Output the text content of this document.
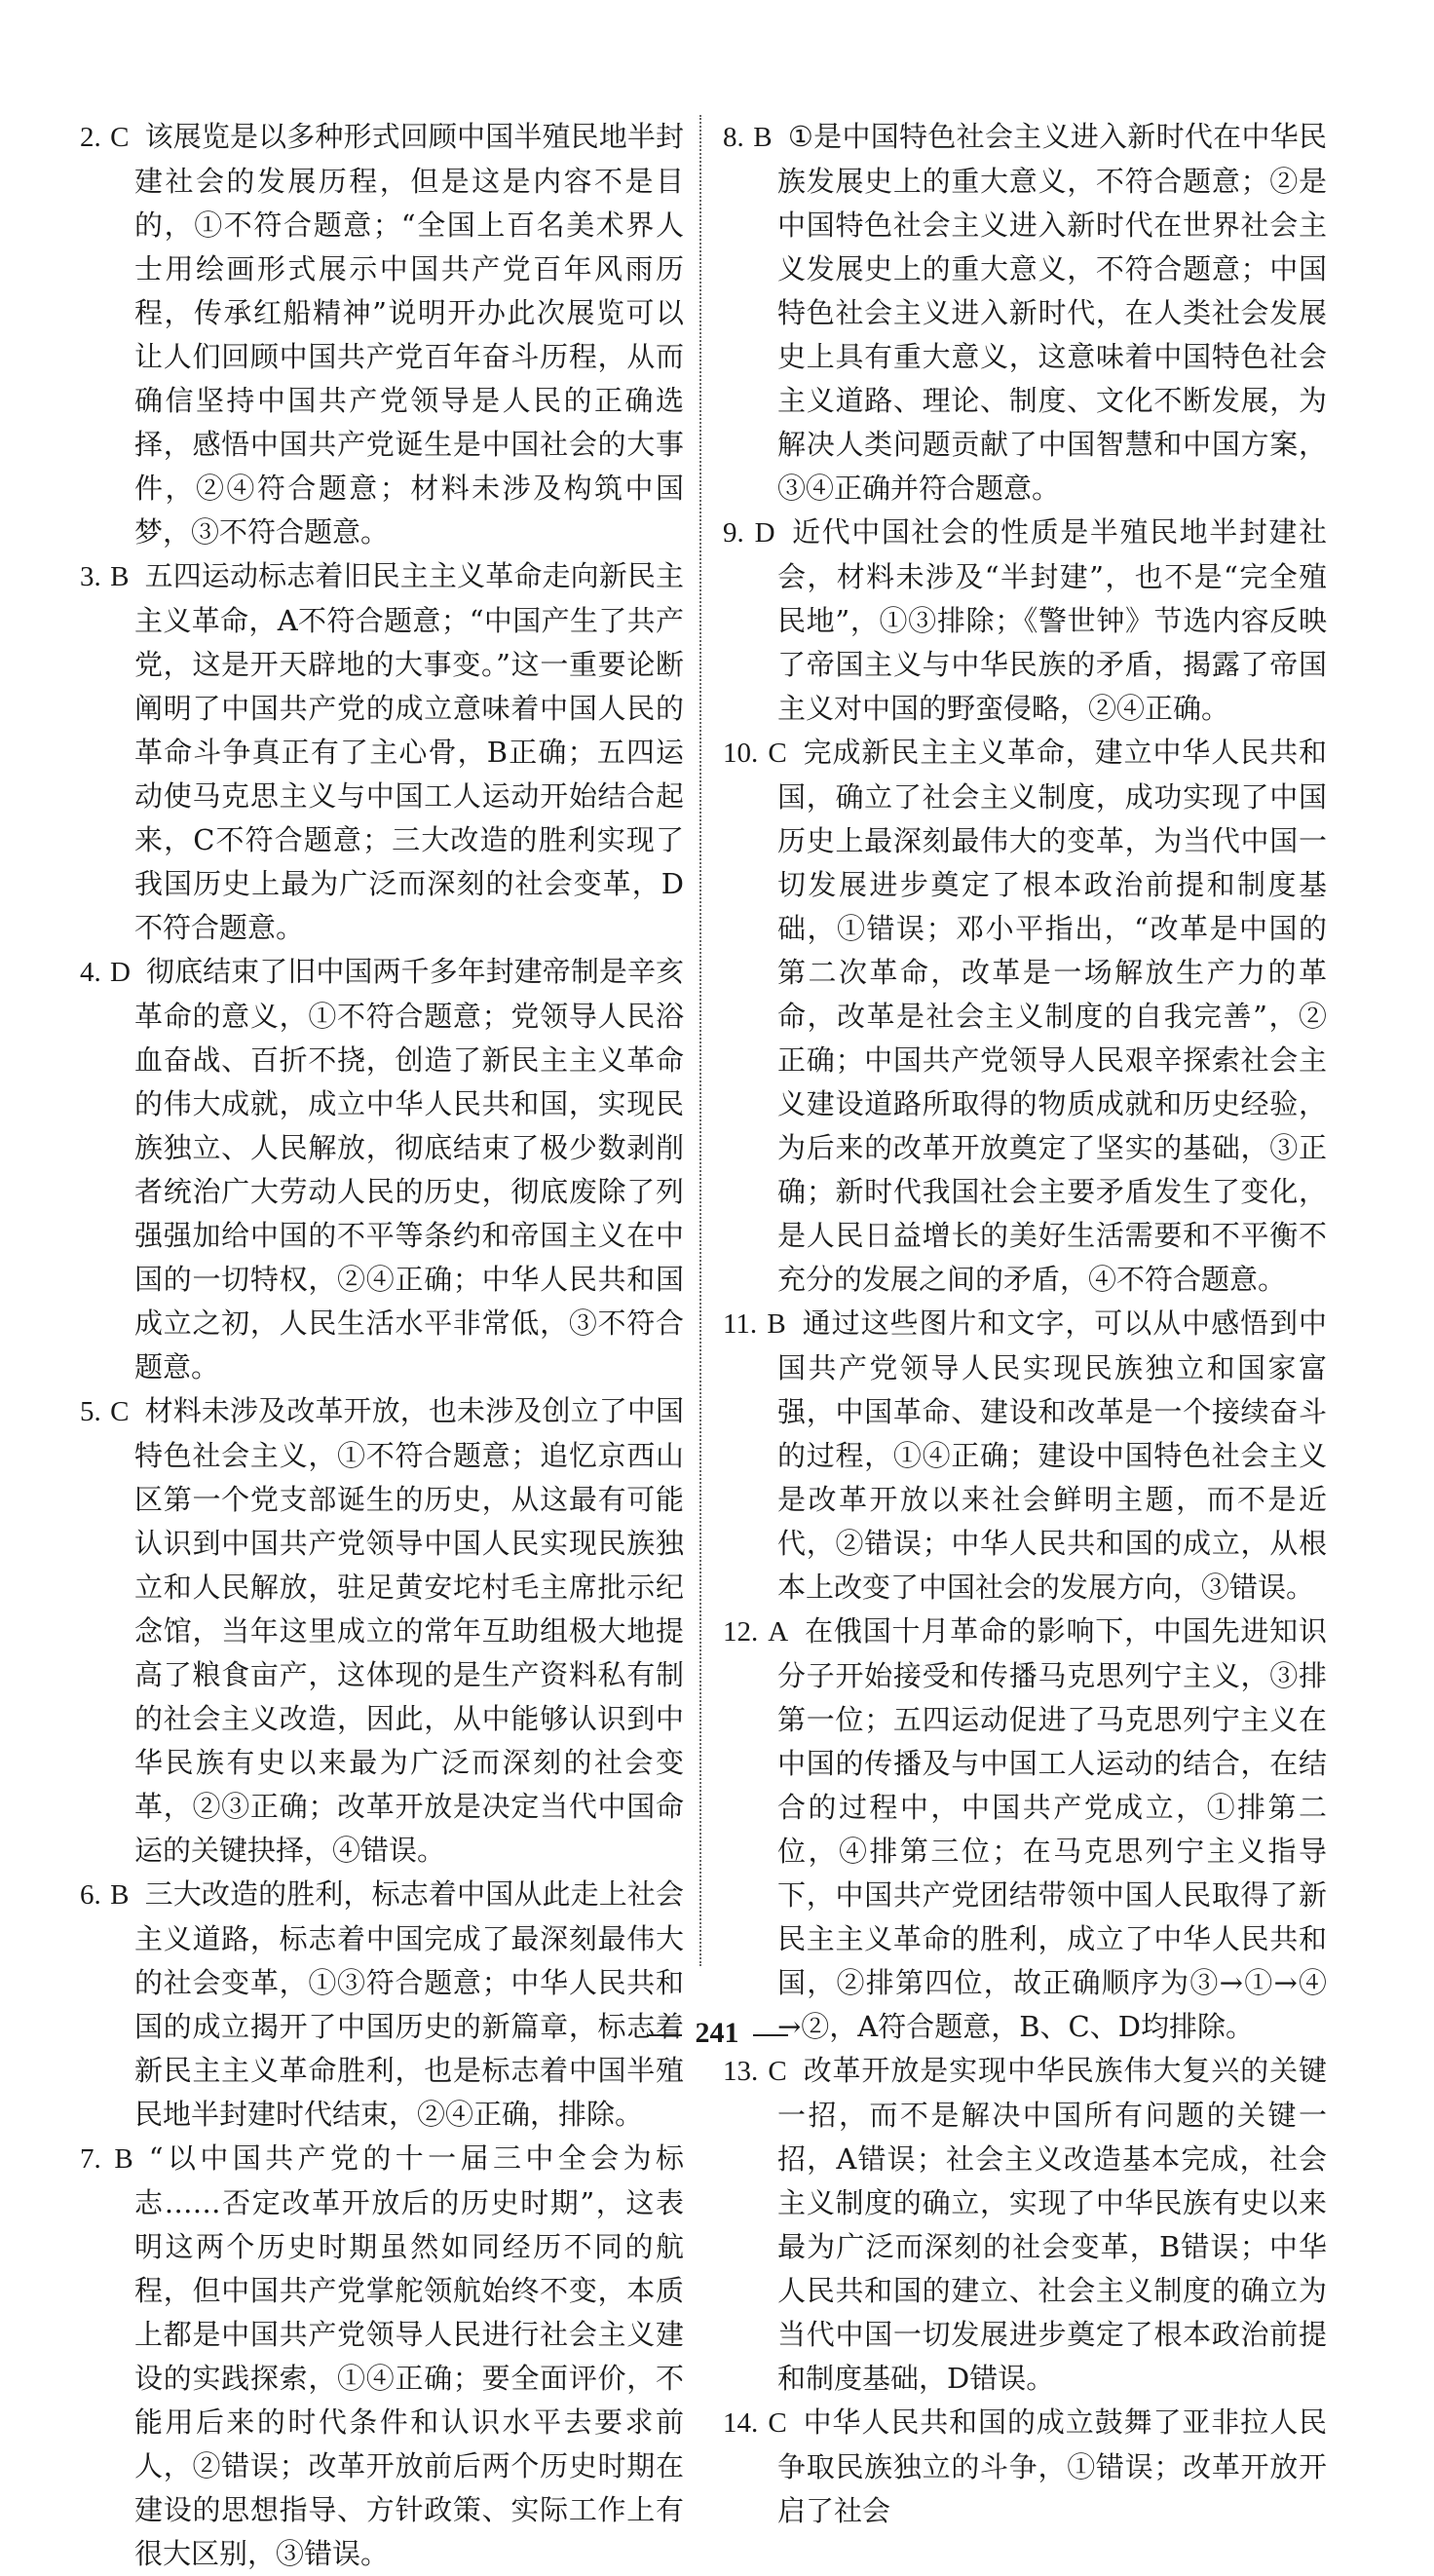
2. C 该展览是以多种形式回顾中国半殖民地半封建社会的发展历程，但是这是内容不是目的，①不符合题意；“全国上百名美术界人士用绘画形式展示中国共产党百年风雨历程，传承红船精神”说明开办此次展览可以让人们回顾中国共产党百年奋斗历程，从而确信坚持中国共产党领导是人民的正确选择，感悟中国共产党诞生是中国社会的大事件，②④符合题意；材料未涉及构筑中国梦，③不符合题意。

3. B 五四运动标志着旧民主主义革命走向新民主主义革命，A不符合题意；“中国产生了共产党，这是开天辟地的大事变。”这一重要论断阐明了中国共产党的成立意味着中国人民的革命斗争真正有了主心骨，B正确；五四运动使马克思主义与中国工人运动开始结合起来，C不符合题意；三大改造的胜利实现了我国历史上最为广泛而深刻的社会变革，D不符合题意。

4. D 彻底结束了旧中国两千多年封建帝制是辛亥革命的意义，①不符合题意；党领导人民浴血奋战、百折不挠，创造了新民主主义革命的伟大成就，成立中华人民共和国，实现民族独立、人民解放，彻底结束了极少数剥削者统治广大劳动人民的历史，彻底废除了列强强加给中国的不平等条约和帝国主义在中国的一切特权，②④正确；中华人民共和国成立之初，人民生活水平非常低，③不符合题意。

5. C 材料未涉及改革开放，也未涉及创立了中国特色社会主义，①不符合题意；追忆京西山区第一个党支部诞生的历史，从这最有可能认识到中国共产党领导中国人民实现民族独立和人民解放，驻足黄安坨村毛主席批示纪念馆，当年这里成立的常年互助组极大地提高了粮食亩产，这体现的是生产资料私有制的社会主义改造，因此，从中能够认识到中华民族有史以来最为广泛而深刻的社会变革，②③正确；改革开放是决定当代中国命运的关键抉择，④错误。

6. B 三大改造的胜利，标志着中国从此走上社会主义道路，标志着中国完成了最深刻最伟大的社会变革，①③符合题意；中华人民共和国的成立揭开了中国历史的新篇章，标志着新民主主义革命胜利，也是标志着中国半殖民地半封建时代结束，②④正确，排除。

7. B “以中国共产党的十一届三中全会为标志……否定改革开放后的历史时期”，这表明这两个历史时期虽然如同经历不同的航程，但中国共产党掌舵领航始终不变，本质上都是中国共产党领导人民进行社会主义建设的实践探索，①④正确；要全面评价，不能用后来的时代条件和认识水平去要求前人，②错误；改革开放前后两个历史时期在建设的思想指导、方针政策、实际工作上有很大区别，③错误。

8. B ①是中国特色社会主义进入新时代在中华民族发展史上的重大意义，不符合题意；②是中国特色社会主义进入新时代在世界社会主义发展史上的重大意义，不符合题意；中国特色社会主义进入新时代，在人类社会发展史上具有重大意义，这意味着中国特色社会主义道路、理论、制度、文化不断发展，为解决人类问题贡献了中国智慧和中国方案，③④正确并符合题意。

9. D 近代中国社会的性质是半殖民地半封建社会，材料未涉及“半封建”，也不是“完全殖民地”，①③排除；《警世钟》节选内容反映了帝国主义与中华民族的矛盾，揭露了帝国主义对中国的野蛮侵略，②④正确。

10. C 完成新民主主义革命，建立中华人民共和国，确立了社会主义制度，成功实现了中国历史上最深刻最伟大的变革，为当代中国一切发展进步奠定了根本政治前提和制度基础，①错误；邓小平指出，“改革是中国的第二次革命，改革是一场解放生产力的革命，改革是社会主义制度的自我完善”，②正确；中国共产党领导人民艰辛探索社会主义建设道路所取得的物质成就和历史经验，为后来的改革开放奠定了坚实的基础，③正确；新时代我国社会主要矛盾发生了变化，是人民日益增长的美好生活需要和不平衡不充分的发展之间的矛盾，④不符合题意。

11. B 通过这些图片和文字，可以从中感悟到中国共产党领导人民实现民族独立和国家富强，中国革命、建设和改革是一个接续奋斗的过程，①④正确；建设中国特色社会主义是改革开放以来社会鲜明主题，而不是近代，②错误；中华人民共和国的成立，从根本上改变了中国社会的发展方向，③错误。

12. A 在俄国十月革命的影响下，中国先进知识分子开始接受和传播马克思列宁主义，③排第一位；五四运动促进了马克思列宁主义在中国的传播及与中国工人运动的结合，在结合的过程中，中国共产党成立，①排第二位，④排第三位；在马克思列宁主义指导下，中国共产党团结带领中国人民取得了新民主主义革命的胜利，成立了中华人民共和国，②排第四位，故正确顺序为③→①→④→②，A符合题意，B、C、D均排除。

13. C 改革开放是实现中华民族伟大复兴的关键一招，而不是解决中国所有问题的关键一招，A错误；社会主义改造基本完成，社会主义制度的确立，实现了中华民族有史以来最为广泛而深刻的社会变革，B错误；中华人民共和国的建立、社会主义制度的确立为当代中国一切发展进步奠定了根本政治前提和制度基础，D错误。

14. C 中华人民共和国的成立鼓舞了亚非拉人民争取民族独立的斗争，①错误；改革开放开启了社会

241
